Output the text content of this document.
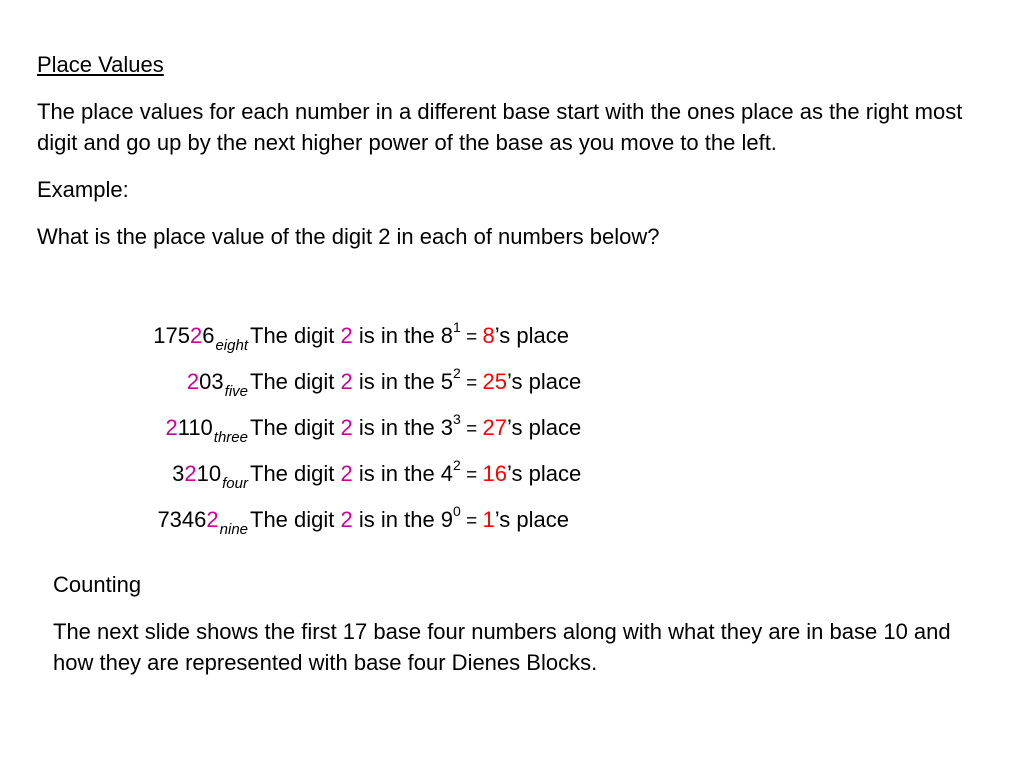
Place Values

The place values for each number in a different base start with the ones place as the right most digit and go up by the next higher power of the base as you move to the left.

Example:

What is the place value of the digit 2 in each of numbers below?

$17526_{eight}$ The digit 2 is in the $8^1$ = 8’s place
$203_{five}$ The digit 2 is in the $5^2$ = 25’s place
$2110_{three}$ The digit 2 is in the $3^3$ = 27’s place
$3210_{four}$ The digit 2 is in the $4^2$ = 16’s place
$73462_{nine}$ The digit 2 is in the $9^0$ = 1’s place

Counting

The next slide shows the first 17 base four numbers along with what they are in base 10 and how they are represented with base four Dienes Blocks.
